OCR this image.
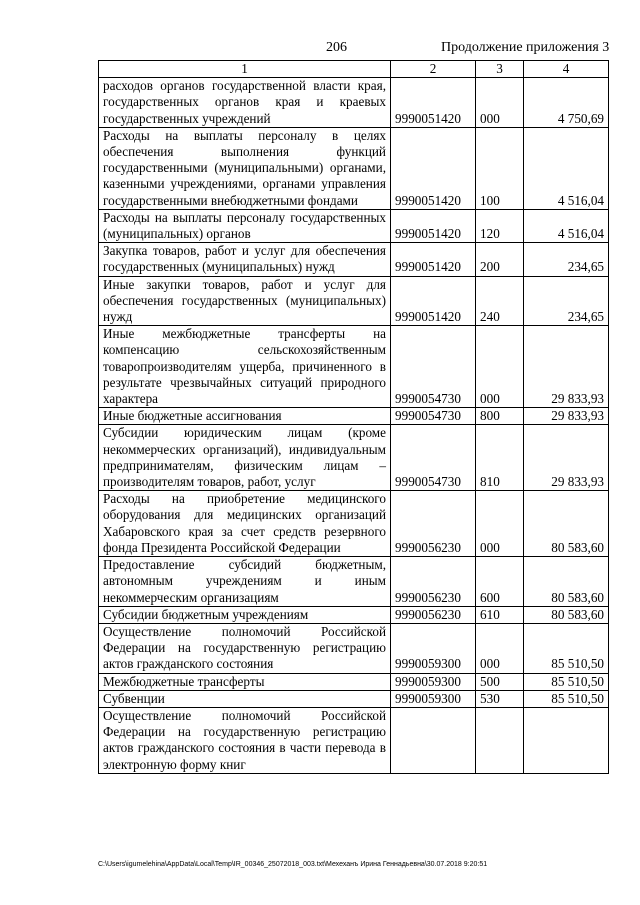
206	Продолжение приложения 3
1	2	3	4
расходов органов государственной власти края, государственных органов края и краевых государственных учреждений	9990051420	000	4 750,69
Расходы на выплаты персоналу в целях обеспечения выполнения функций государственными (муниципальными) органами, казенными учреждениями, органами управления государственными внебюджетными фондами	9990051420	100	4 516,04
Расходы на выплаты персоналу государственных (муниципальных) органов	9990051420	120	4 516,04
Закупка товаров, работ и услуг для обеспечения государственных (муниципальных) нужд	9990051420	200	234,65
Иные закупки товаров, работ и услуг для обеспечения государственных (муниципальных) нужд	9990051420	240	234,65
Иные межбюджетные трансферты на компенсацию сельскохозяйственным товаропроизводителям ущерба, причиненного в результате чрезвычайных ситуаций природного характера	9990054730	000	29 833,93
Иные бюджетные ассигнования	9990054730	800	29 833,93
Субсидии юридическим лицам (кроме некоммерческих организаций), индивидуальным предпринимателям, физическим лицам – производителям товаров, работ, услуг	9990054730	810	29 833,93
Расходы на приобретение медицинского оборудования для медицинских организаций Хабаровского края за счет средств резервного фонда Президента Российской Федерации	9990056230	000	80 583,60
Предоставление субсидий бюджетным, автономным учреждениям и иным некоммерческим организациям	9990056230	600	80 583,60
Субсидии бюджетным учреждениям	9990056230	610	80 583,60
Осуществление полномочий Российской Федерации на государственную регистрацию актов гражданского состояния	9990059300	000	85 510,50
Межбюджетные трансферты	9990059300	500	85 510,50
Субвенции	9990059300	530	85 510,50
Осуществление полномочий Российской Федерации на государственную регистрацию актов гражданского состояния в части перевода в электронную форму книг			
C:\Users\igumelehina\AppData\Local\Temp\IR_00346_25072018_003.txt\Мехеханъ Ирина Геннадьевна\30.07.2018 9:20:51
